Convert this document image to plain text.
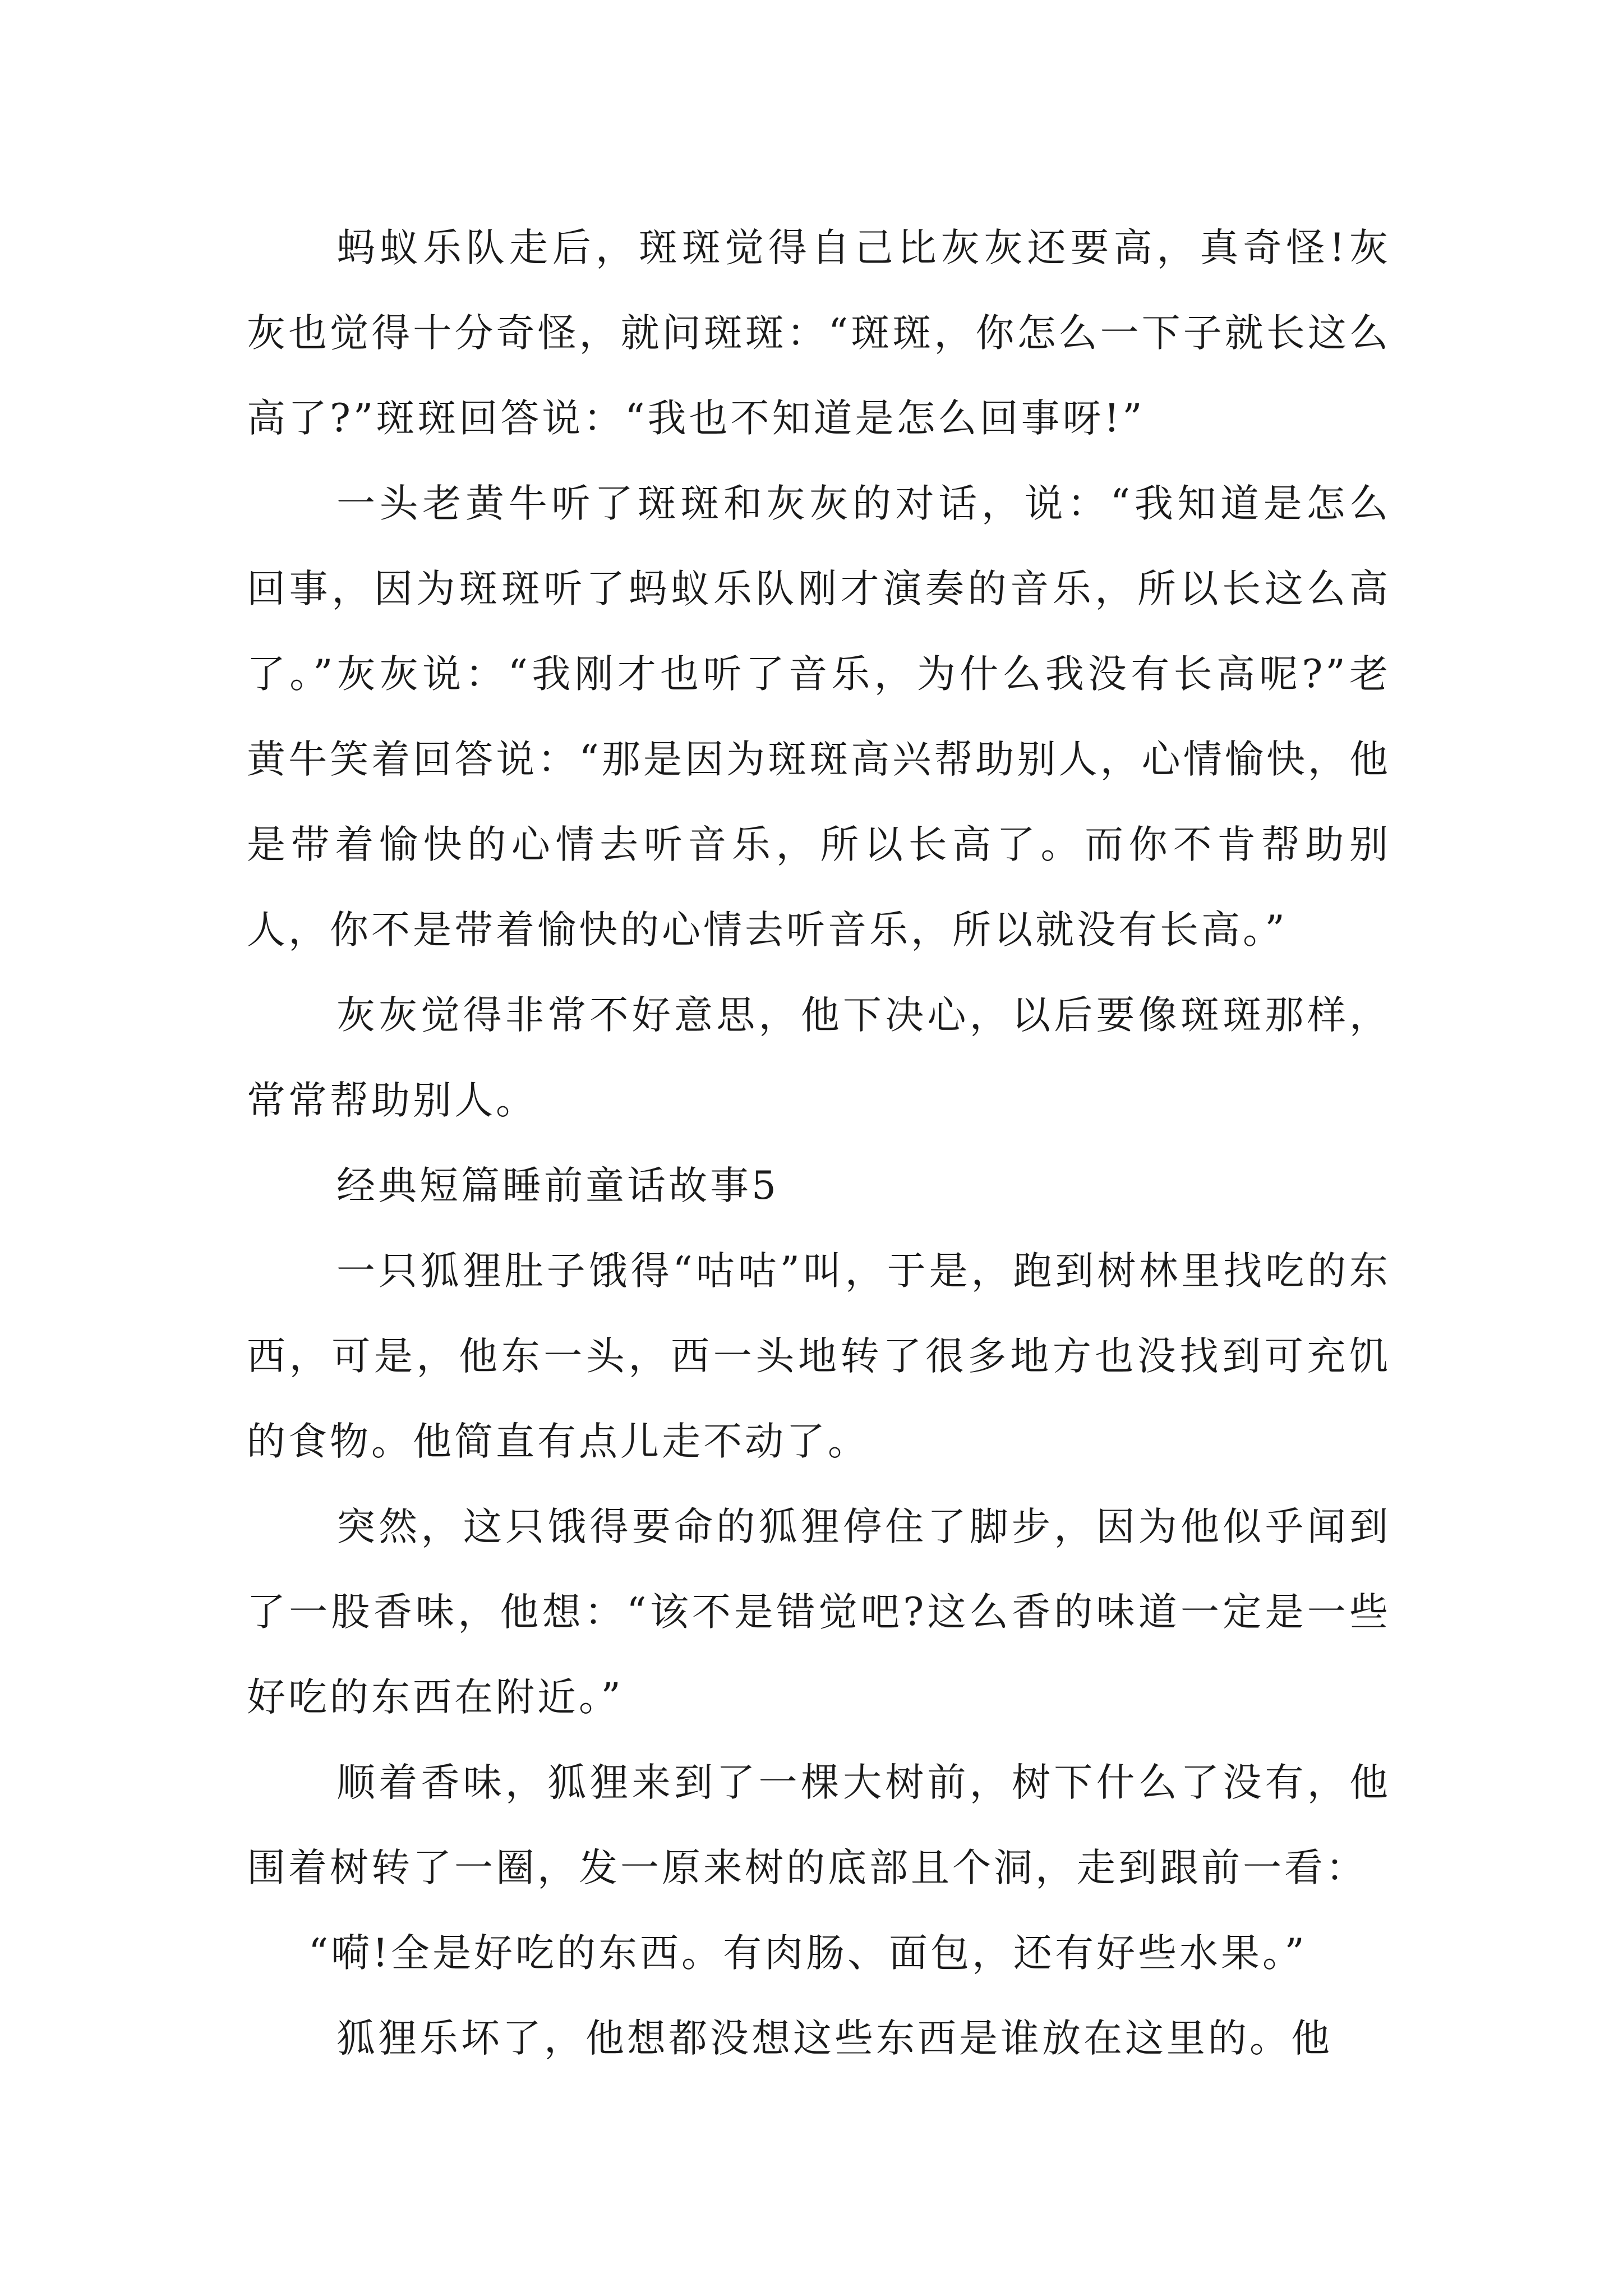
蚂蚁乐队走后，斑斑觉得自己比灰灰还要高，真奇怪!灰灰也觉得十分奇怪，就问斑斑：“斑斑，你怎么一下子就长这么高了?”斑斑回答说：“我也不知道是怎么回事呀!”

一头老黄牛听了斑斑和灰灰的对话，说：“我知道是怎么回事，因为斑斑听了蚂蚁乐队刚才演奏的音乐，所以长这么高了。”灰灰说：“我刚才也听了音乐，为什么我没有长高呢?”老黄牛笑着回答说：“那是因为斑斑高兴帮助别人，心情愉快，他是带着愉快的心情去听音乐，所以长高了。而你不肯帮助别人，你不是带着愉快的心情去听音乐，所以就没有长高。”

灰灰觉得非常不好意思，他下决心，以后要像斑斑那样，常常帮助别人。

经典短篇睡前童话故事5

一只狐狸肚子饿得“咕咕”叫，于是，跑到树林里找吃的东西，可是，他东一头，西一头地转了很多地方也没找到可充饥的食物。他简直有点儿走不动了。

突然，这只饿得要命的狐狸停住了脚步，因为他似乎闻到了一股香味，他想：“该不是错觉吧?这么香的味道一定是一些好吃的东西在附近。”

顺着香味，狐狸来到了一棵大树前，树下什么了没有，他围着树转了一圈，发一原来树的底部且个洞，走到跟前一看：

“嗬!全是好吃的东西。有肉肠、面包，还有好些水果。”

狐狸乐坏了，他想都没想这些东西是谁放在这里的。他
